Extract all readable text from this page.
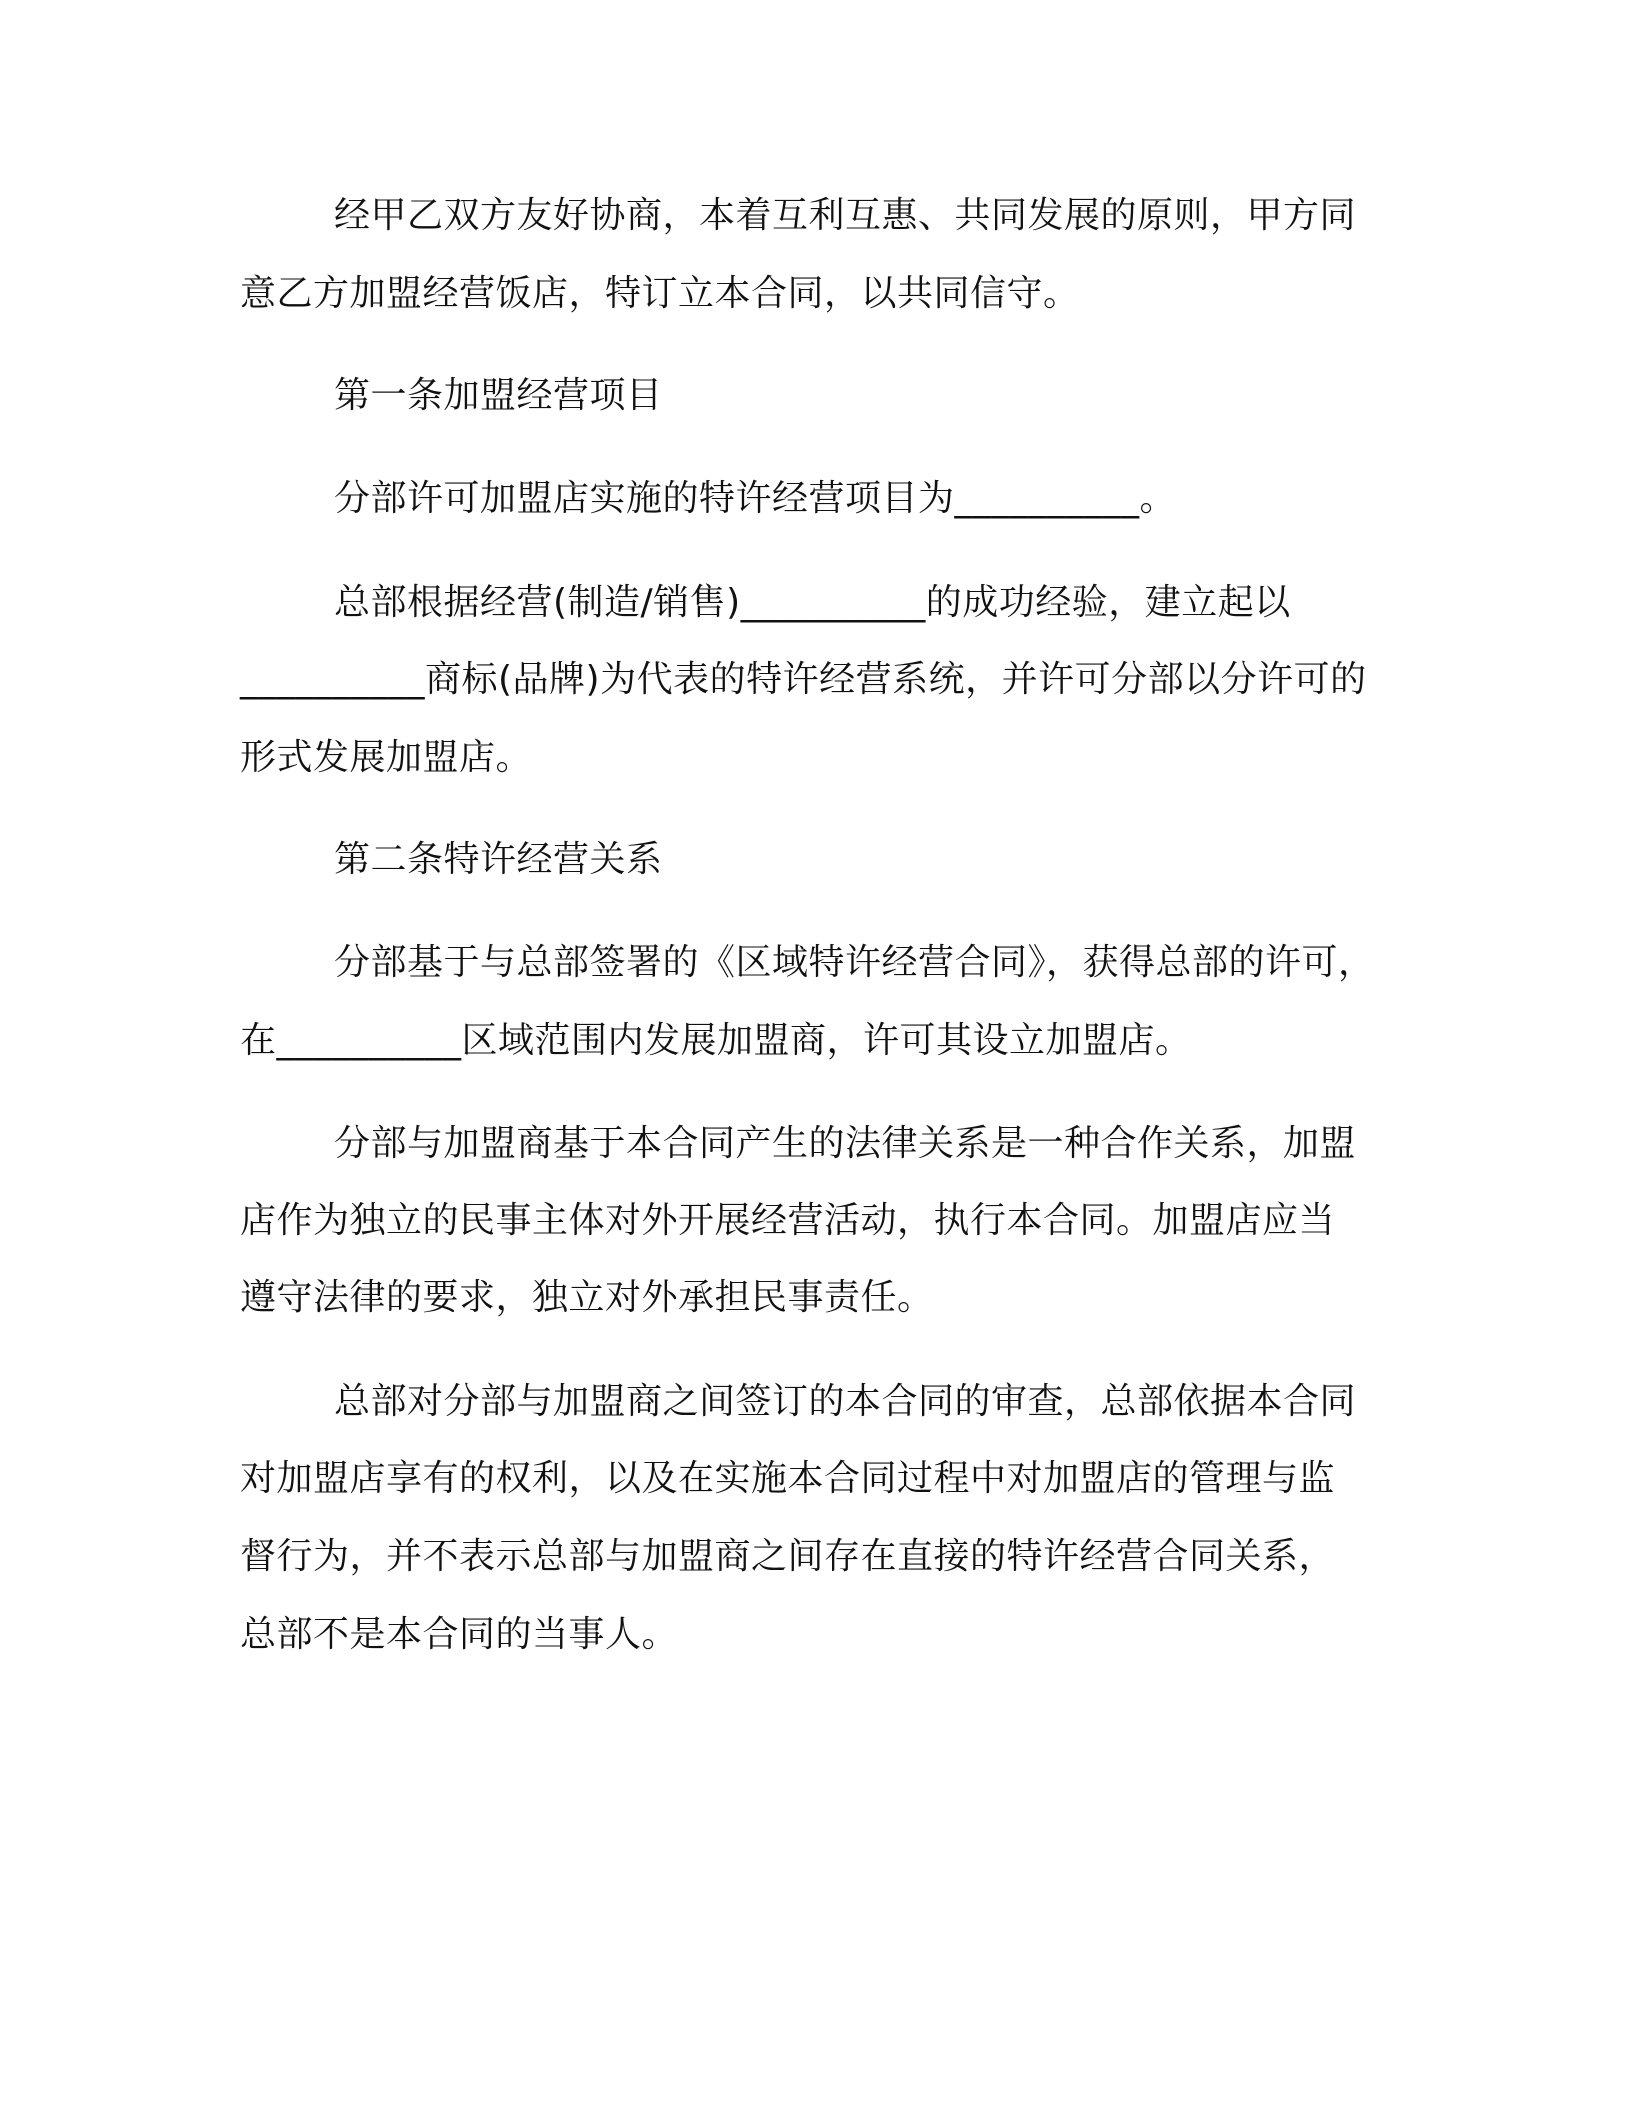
经甲乙双方友好协商，本着互利互惠、共同发展的原则，甲方同
意乙方加盟经营饭店，特订立本合同，以共同信守。
第一条加盟经营项目
分部许可加盟店实施的特许经营项目为__________。
总部根据经营(制造/销售)__________的成功经验，建立起以
__________商标(品牌)为代表的特许经营系统，并许可分部以分许可的
形式发展加盟店。
第二条特许经营关系
分部基于与总部签署的《区域特许经营合同》，获得总部的许可，
在__________区域范围内发展加盟商，许可其设立加盟店。
分部与加盟商基于本合同产生的法律关系是一种合作关系，加盟
店作为独立的民事主体对外开展经营活动，执行本合同。加盟店应当
遵守法律的要求，独立对外承担民事责任。
总部对分部与加盟商之间签订的本合同的审查，总部依据本合同
对加盟店享有的权利，以及在实施本合同过程中对加盟店的管理与监
督行为，并不表示总部与加盟商之间存在直接的特许经营合同关系，
总部不是本合同的当事人。
